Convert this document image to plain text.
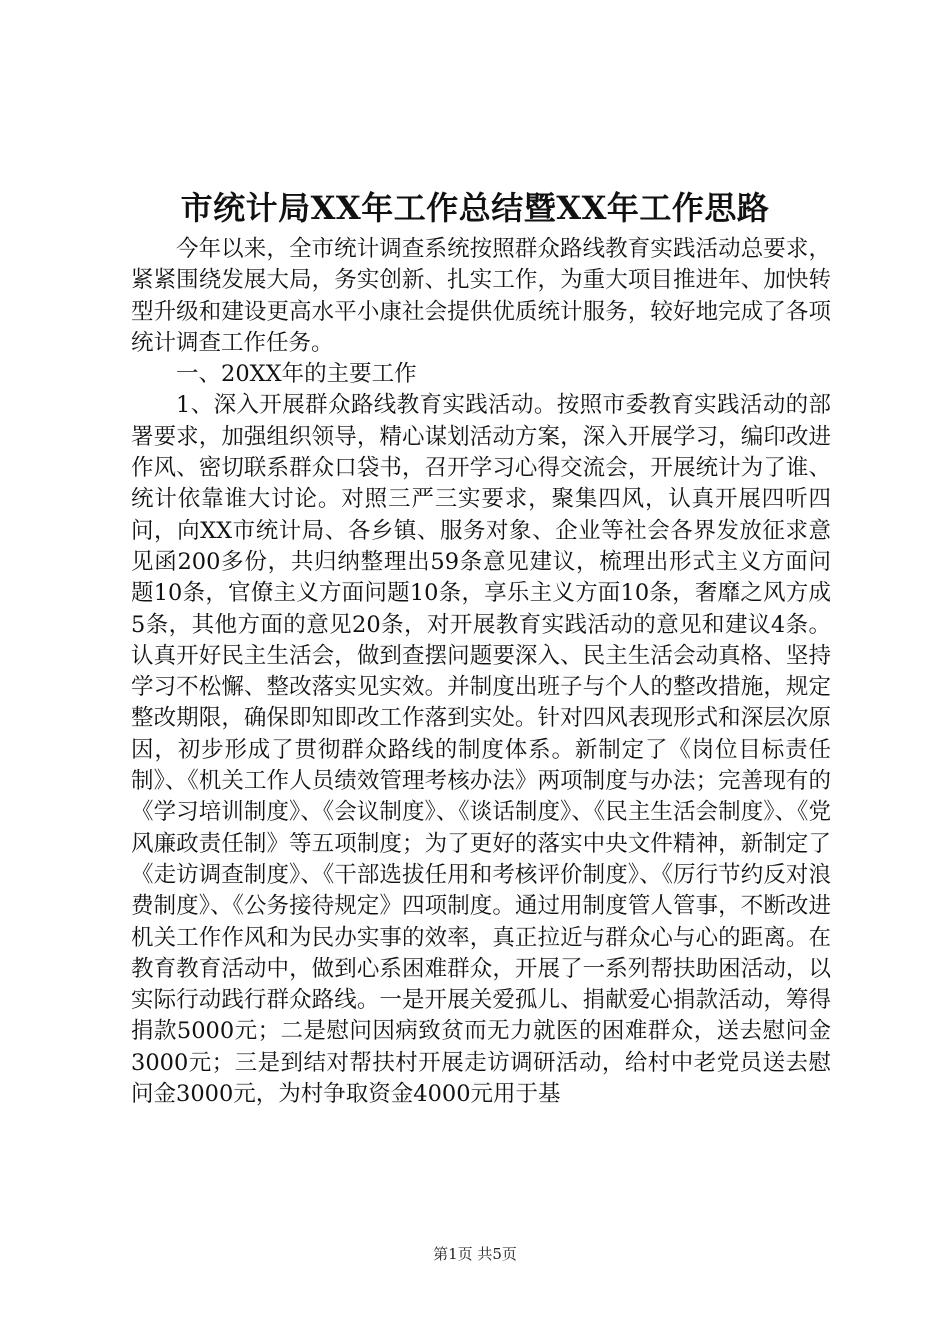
市统计局XX年工作总结暨XX年工作思路

今年以来，全市统计调查系统按照群众路线教育实践活动总要求，紧紧围绕发展大局，务实创新、扎实工作，为重大项目推进年、加快转型升级和建设更高水平小康社会提供优质统计服务，较好地完成了各项统计调查工作任务。

一、20XX年的主要工作

1、深入开展群众路线教育实践活动。按照市委教育实践活动的部署要求，加强组织领导，精心谋划活动方案，深入开展学习，编印改进作风、密切联系群众口袋书，召开学习心得交流会，开展统计为了谁、统计依靠谁大讨论。对照三严三实要求，聚集四风，认真开展四听四问，向XX市统计局、各乡镇、服务对象、企业等社会各界发放征求意见函200多份，共归纳整理出59条意见建议，梳理出形式主义方面问题10条，官僚主义方面问题10条，享乐主义方面10条，奢靡之风方成5条，其他方面的意见20条，对开展教育实践活动的意见和建议4条。认真开好民主生活会，做到查摆问题要深入、民主生活会动真格、坚持学习不松懈、整改落实见实效。并制度出班子与个人的整改措施，规定整改期限，确保即知即改工作落到实处。针对四风表现形式和深层次原因，初步形成了贯彻群众路线的制度体系。新制定了《岗位目标责任制》、《机关工作人员绩效管理考核办法》两项制度与办法；完善现有的《学习培训制度》、《会议制度》、《谈话制度》、《民主生活会制度》、《党风廉政责任制》等五项制度；为了更好的落实中央文件精神，新制定了《走访调查制度》、《干部选拔任用和考核评价制度》、《厉行节约反对浪费制度》、《公务接待规定》四项制度。通过用制度管人管事，不断改进机关工作作风和为民办实事的效率，真正拉近与群众心与心的距离。在教育教育活动中，做到心系困难群众，开展了一系列帮扶助困活动，以实际行动践行群众路线。一是开展关爱孤儿、捐献爱心捐款活动，筹得捐款5000元；二是慰问因病致贫而无力就医的困难群众，送去慰问金3000元；三是到结对帮扶村开展走访调研活动，给村中老党员送去慰问金3000元，为村争取资金4000元用于基

第1页 共5页
